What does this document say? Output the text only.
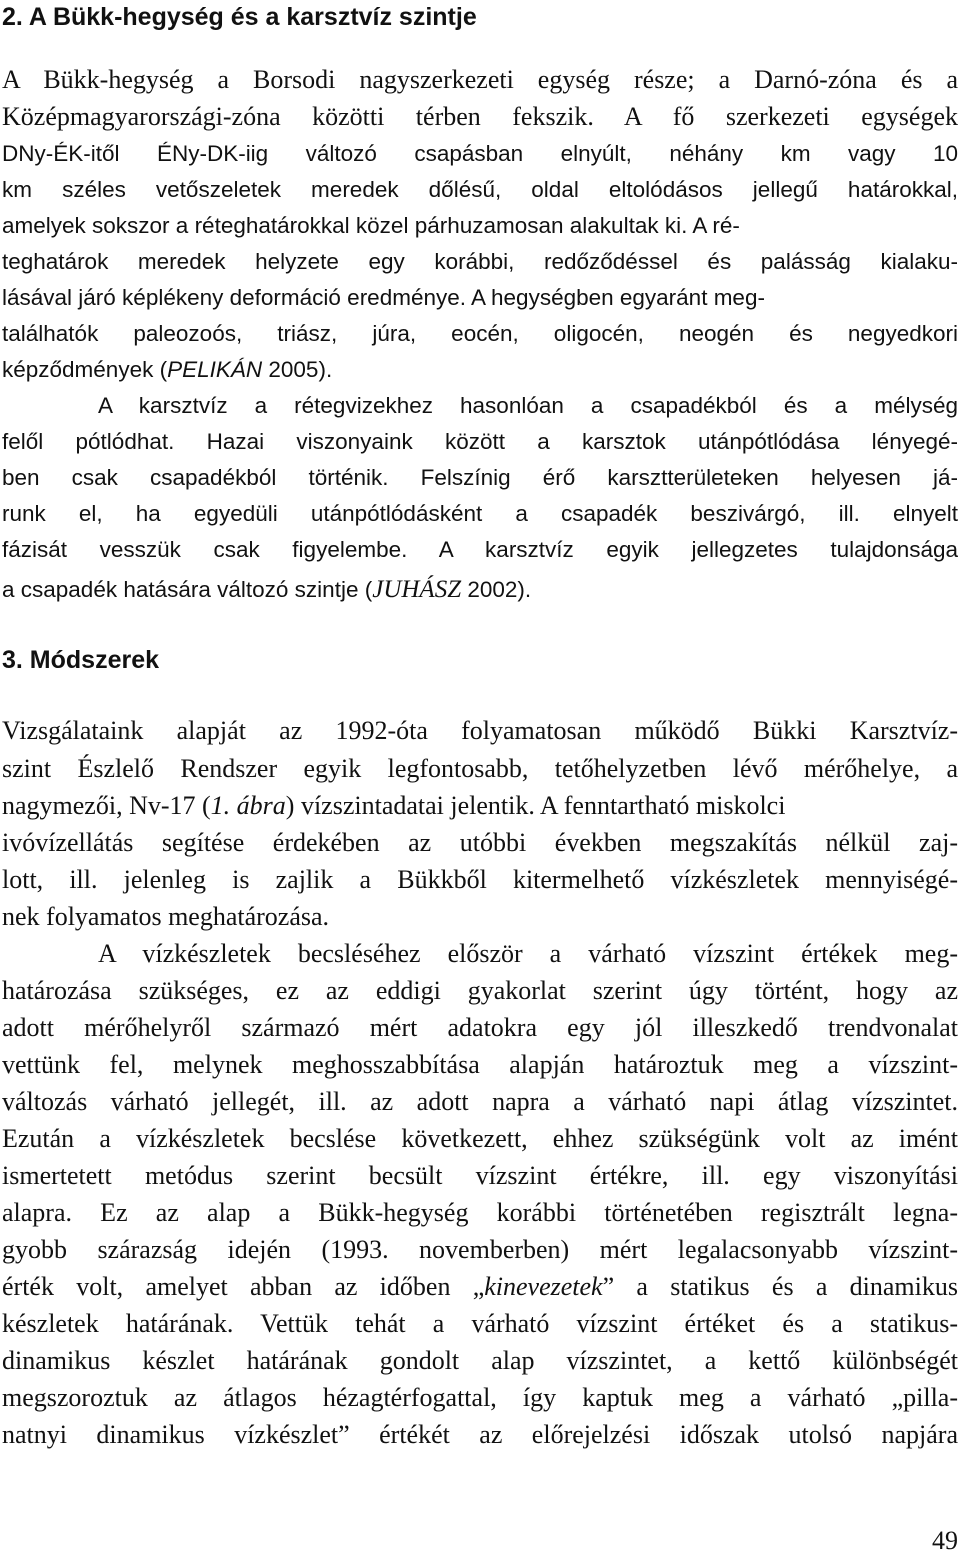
2. A Bükk-hegység és a karsztvíz szintje
A Bükk-hegység a Borsodi nagyszerkezeti egység része; a Darnó-zóna és a
Középmagyarországi-zóna közötti térben fekszik. A fő szerkezeti egységek
DNy-ÉK-itől ÉNy-DK-iig változó csapásban elnyúlt, néhány km vagy 10
km széles vetőszeletek meredek dőlésű, oldal eltolódásos jellegű határokkal,
amelyek sokszor a réteghatárokkal közel párhuzamosan alakultak ki. A ré-
teghatárok meredek helyzete egy korábbi, redőződéssel és palásság kialaku-
lásával járó képlékeny deformáció eredménye. A hegységben egyaránt meg-
találhatók paleozoós, triász, júra, eocén, oligocén, neogén és negyedkori
képződmények (PELIKÁN 2005).
A karsztvíz a rétegvizekhez hasonlóan a csapadékból és a mélység
felől pótlódhat. Hazai viszonyaink között a karsztok utánpótlódása lényegé-
ben csak csapadékból történik. Felszínig érő karsztterületeken helyesen já-
runk el, ha egyedüli utánpótlódásként a csapadék beszivárgó, ill. elnyelt
fázisát vesszük csak figyelembe. A karsztvíz egyik jellegzetes tulajdonsága
a csapadék hatására változó szintje (JUHÁSZ 2002).
3. Módszerek
Vizsgálataink alapját az 1992-óta folyamatosan működő Bükki Karsztvíz-
szint Észlelő Rendszer egyik legfontosabb, tetőhelyzetben lévő mérőhelye, a
nagymezői, Nv-17 (1. ábra) vízszintadatai jelentik. A fenntartható miskolci
ivóvízellátás segítése érdekében az utóbbi években megszakítás nélkül zaj-
lott, ill. jelenleg is zajlik a Bükkből kitermelhető vízkészletek mennyiségé-
nek folyamatos meghatározása.
A vízkészletek becsléséhez először a várható vízszint értékek meg-
határozása szükséges, ez az eddigi gyakorlat szerint úgy történt, hogy az
adott mérőhelyről származó mért adatokra egy jól illeszkedő trendvonalat
vettünk fel, melynek meghosszabbítása alapján határoztuk meg a vízszint-
változás várható jellegét, ill. az adott napra a várható napi átlag vízszintet.
Ezután a vízkészletek becslése következett, ehhez szükségünk volt az imént
ismertetett metódus szerint becsült vízszint értékre, ill. egy viszonyítási
alapra. Ez az alap a Bükk-hegység korábbi történetében regisztrált legna-
gyobb szárazság idején (1993. novemberben) mért legalacsonyabb vízszint-
érték volt, amelyet abban az időben „kinevezetek” a statikus és a dinamikus
készletek határának. Vettük tehát a várható vízszint értéket és a statikus-
dinamikus készlet határának gondolt alap vízszintet, a kettő különbségét
megszoroztuk az átlagos hézagtérfogattal, így kaptuk meg a várható „pilla-
natnyi dinamikus vízkészlet” értékét az előrejelzési időszak utolsó napjára
49
